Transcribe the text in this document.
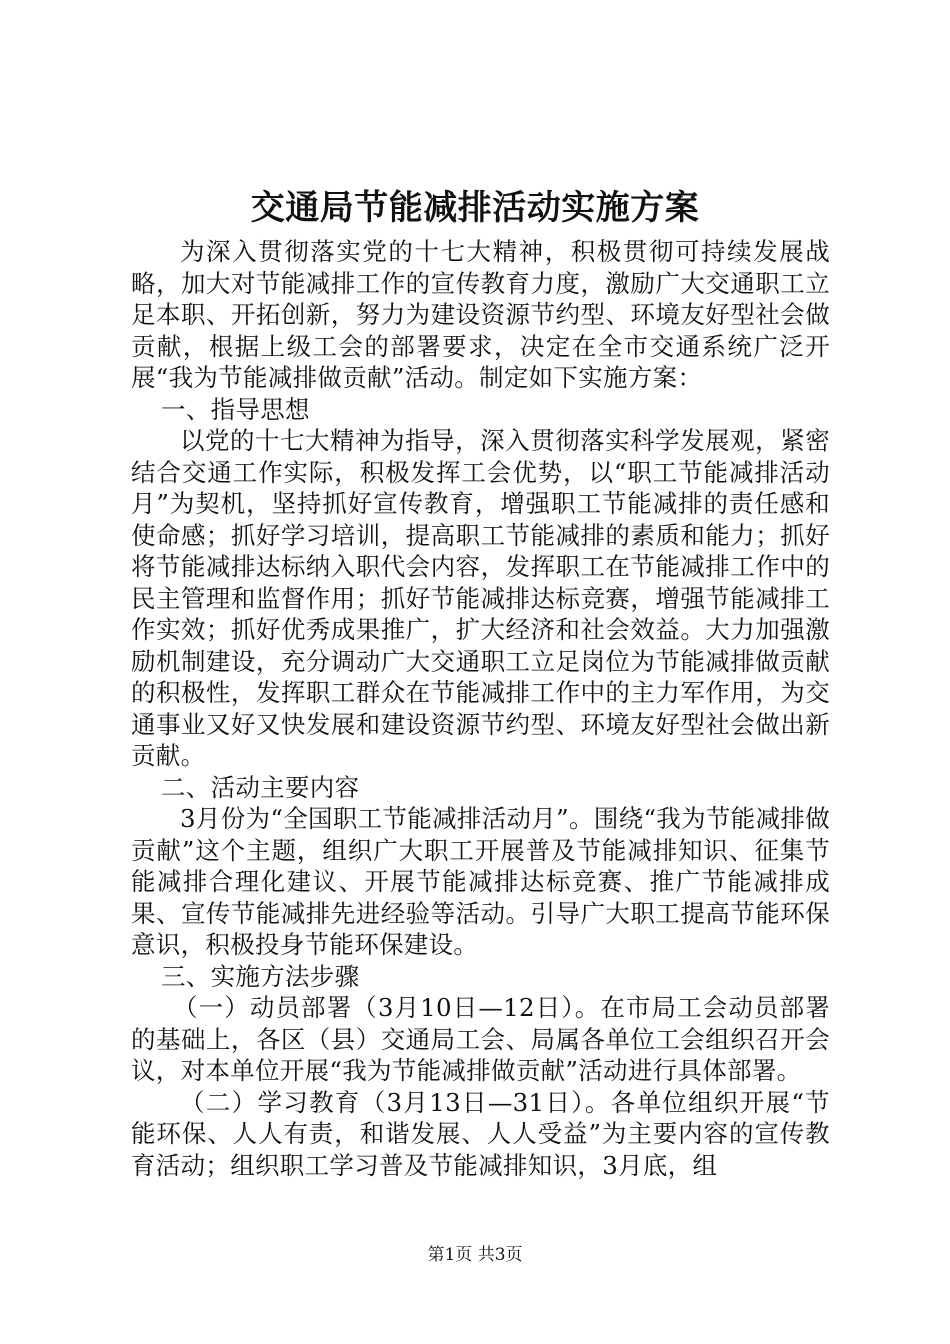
交通局节能减排活动实施方案

为深入贯彻落实党的十七大精神，积极贯彻可持续发展战略，加大对节能减排工作的宣传教育力度，激励广大交通职工立足本职、开拓创新，努力为建设资源节约型、环境友好型社会做贡献，根据上级工会的部署要求，决定在全市交通系统广泛开展“我为节能减排做贡献”活动。制定如下实施方案：

一、指导思想

以党的十七大精神为指导，深入贯彻落实科学发展观，紧密结合交通工作实际，积极发挥工会优势，以“职工节能减排活动月”为契机，坚持抓好宣传教育，增强职工节能减排的责任感和使命感；抓好学习培训，提高职工节能减排的素质和能力；抓好将节能减排达标纳入职代会内容，发挥职工在节能减排工作中的民主管理和监督作用；抓好节能减排达标竞赛，增强节能减排工作实效；抓好优秀成果推广，扩大经济和社会效益。大力加强激励机制建设，充分调动广大交通职工立足岗位为节能减排做贡献的积极性，发挥职工群众在节能减排工作中的主力军作用，为交通事业又好又快发展和建设资源节约型、环境友好型社会做出新贡献。

二、活动主要内容

3月份为“全国职工节能减排活动月”。围绕“我为节能减排做贡献”这个主题，组织广大职工开展普及节能减排知识、征集节能减排合理化建议、开展节能减排达标竞赛、推广节能减排成果、宣传节能减排先进经验等活动。引导广大职工提高节能环保意识，积极投身节能环保建设。

三、实施方法步骤

（一）动员部署（3月10日—12日）。在市局工会动员部署的基础上，各区（县）交通局工会、局属各单位工会组织召开会议，对本单位开展“我为节能减排做贡献”活动进行具体部署。

（二）学习教育（3月13日—31日）。各单位组织开展“节能环保、人人有责，和谐发展、人人受益”为主要内容的宣传教育活动；组织职工学习普及节能减排知识，3月底，组

第1页 共3页
